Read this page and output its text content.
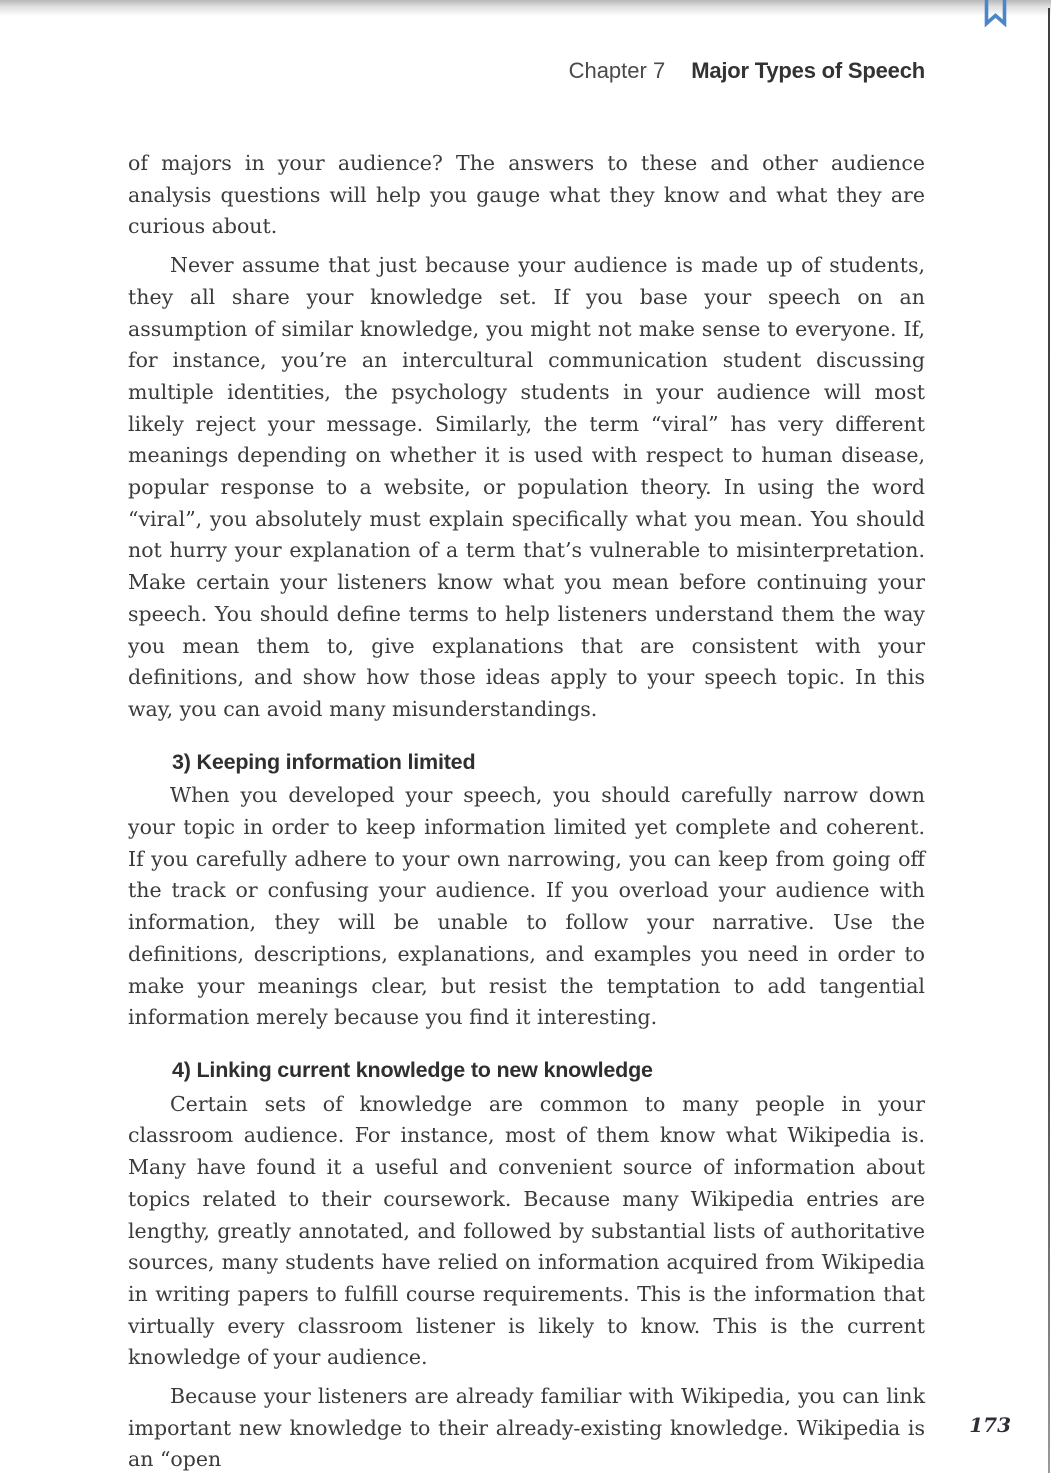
Chapter 7 Major Types of Speech

of majors in your audience? The answers to these and other audience analysis questions will help you gauge what they know and what they are curious about.

Never assume that just because your audience is made up of students, they all share your knowledge set. If you base your speech on an assumption of similar knowledge, you might not make sense to everyone. If, for instance, you’re an intercultural communication student discussing multiple identities, the psychology students in your audience will most likely reject your message. Similarly, the term “viral” has very different meanings depending on whether it is used with respect to human disease, popular response to a website, or population theory. In using the word “viral”, you absolutely must explain specifically what you mean. You should not hurry your explanation of a term that’s vulnerable to misinterpretation. Make certain your listeners know what you mean before continuing your speech. You should define terms to help listeners understand them the way you mean them to, give explanations that are consistent with your definitions, and show how those ideas apply to your speech topic. In this way, you can avoid many misunderstandings.

3) Keeping information limited

When you developed your speech, you should carefully narrow down your topic in order to keep information limited yet complete and coherent. If you carefully adhere to your own narrowing, you can keep from going off the track or confusing your audience. If you overload your audience with information, they will be unable to follow your narrative. Use the definitions, descriptions, explanations, and examples you need in order to make your meanings clear, but resist the temptation to add tangential information merely because you find it interesting.

4) Linking current knowledge to new knowledge

Certain sets of knowledge are common to many people in your classroom audience. For instance, most of them know what Wikipedia is. Many have found it a useful and convenient source of information about topics related to their coursework. Because many Wikipedia entries are lengthy, greatly annotated, and followed by substantial lists of authoritative sources, many students have relied on information acquired from Wikipedia in writing papers to fulfill course requirements. This is the information that virtually every classroom listener is likely to know. This is the current knowledge of your audience.

Because your listeners are already familiar with Wikipedia, you can link important new knowledge to their already-existing knowledge. Wikipedia is an “open

173
